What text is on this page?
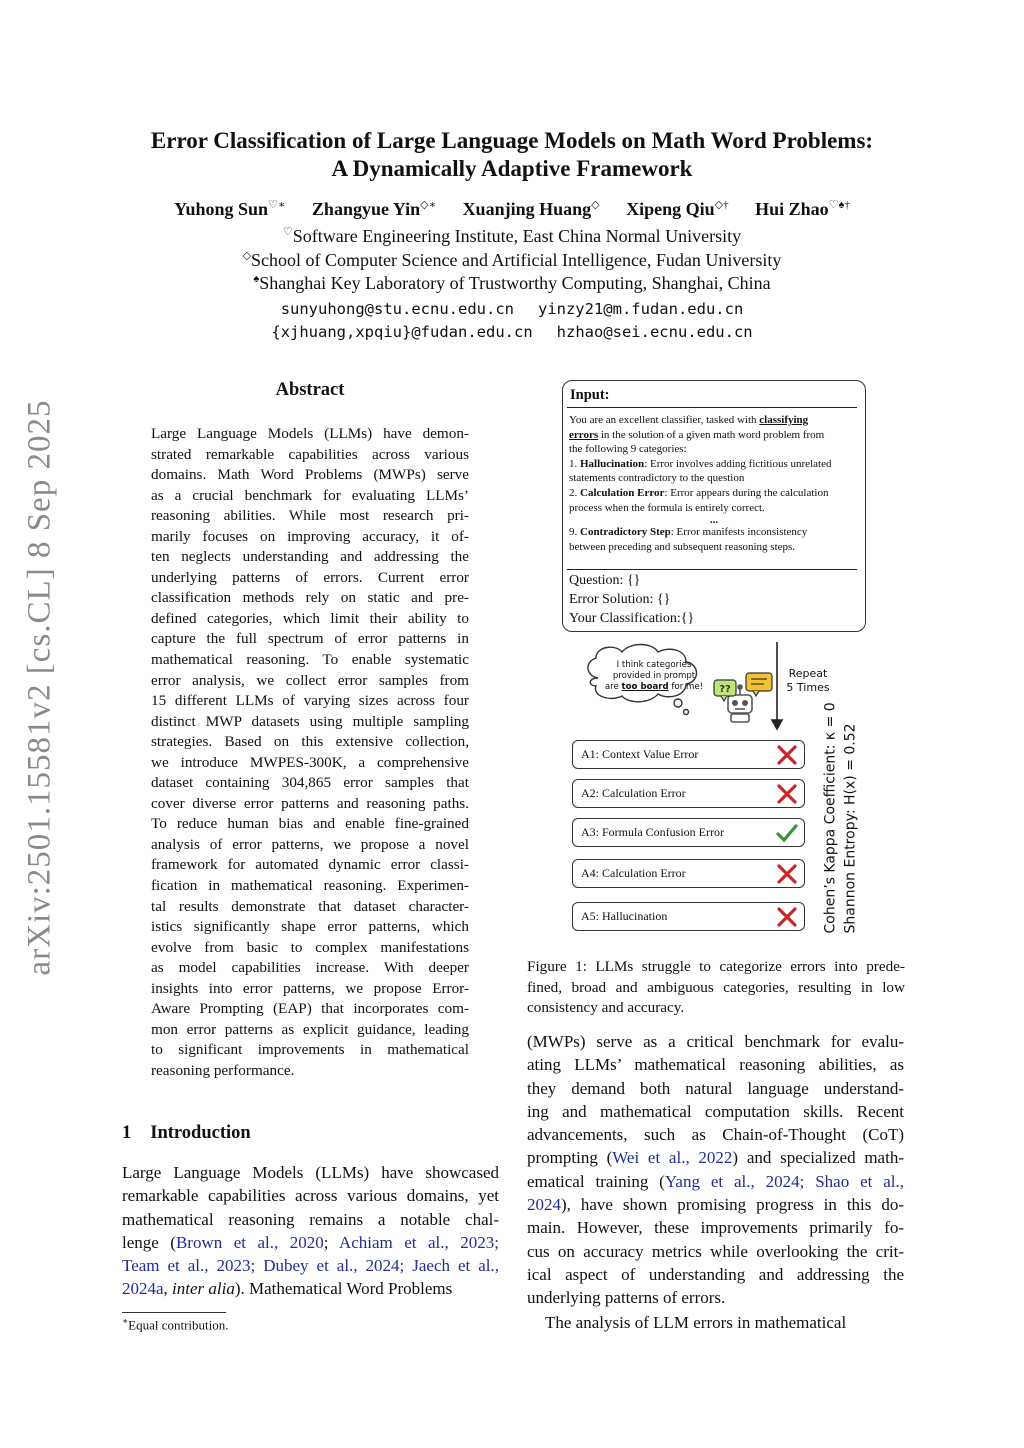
arXiv:2501.15581v2 [cs.CL] 8 Sep 2025
Error Classification of Large Language Models on Math Word Problems:
A Dynamically Adaptive Framework
Yuhong Sun♡∗ Zhangyue Yin◇∗ Xuanjing Huang◇ Xipeng Qiu◇† Hui Zhao♡♠†
♡Software Engineering Institute, East China Normal University
◇School of Computer Science and Artificial Intelligence, Fudan University
♠Shanghai Key Laboratory of Trustworthy Computing, Shanghai, China
sunyuhong@stu.ecnu.edu.cn yinzy21@m.fudan.edu.cn
{xjhuang,xpqiu}@fudan.edu.cn hzhao@sei.ecnu.edu.cn
Abstract
Large Language Models (LLMs) have demon-
strated remarkable capabilities across various
domains. Math Word Problems (MWPs) serve
as a crucial benchmark for evaluating LLMs’
reasoning abilities. While most research pri-
marily focuses on improving accuracy, it of-
ten neglects understanding and addressing the
underlying patterns of errors. Current error
classification methods rely on static and pre-
defined categories, which limit their ability to
capture the full spectrum of error patterns in
mathematical reasoning. To enable systematic
error analysis, we collect error samples from
15 different LLMs of varying sizes across four
distinct MWP datasets using multiple sampling
strategies. Based on this extensive collection,
we introduce MWPES-300K, a comprehensive
dataset containing 304,865 error samples that
cover diverse error patterns and reasoning paths.
To reduce human bias and enable fine-grained
analysis of error patterns, we propose a novel
framework for automated dynamic error classi-
fication in mathematical reasoning. Experimen-
tal results demonstrate that dataset character-
istics significantly shape error patterns, which
evolve from basic to complex manifestations
as model capabilities increase. With deeper
insights into error patterns, we propose Error-
Aware Prompting (EAP) that incorporates com-
mon error patterns as explicit guidance, leading
to significant improvements in mathematical
reasoning performance.
1 Introduction
Large Language Models (LLMs) have showcased
remarkable capabilities across various domains, yet
mathematical reasoning remains a notable chal-
lenge (Brown et al., 2020; Achiam et al., 2023;
Team et al., 2023; Dubey et al., 2024; Jaech et al.,
2024a, inter alia). Mathematical Word Problems
∗Equal contribution.
Input:
You are an excellent classifier, tasked with classifying
errors in the solution of a given math word problem from
the following 9 categories:
1. Hallucination: Error involves adding fictitious unrelated
statements contradictory to the question
2. Calculation Error: Error appears during the calculation
process when the formula is entirely correct.
...
9. Contradictory Step: Error manifests inconsistency
between preceding and subsequent reasoning steps.
Question: {}
Error Solution: {}
Your Classification:{}
??
I think categories
provided in prompt
are too board for me!
Repeat
5 Times
A1: Context Value Error
A2: Calculation Error
A3: Formula Confusion Error
A4: Calculation Error
A5: Hallucination	Cohen’s Kappa Coefficient: κ = 0 Shannon Entropy: H(x) = 0.52
Figure 1: LLMs struggle to categorize errors into prede-
fined, broad and ambiguous categories, resulting in low
consistency and accuracy.
(MWPs) serve as a critical benchmark for evalu-
ating LLMs’ mathematical reasoning abilities, as
they demand both natural language understand-
ing and mathematical computation skills. Recent
advancements, such as Chain-of-Thought (CoT)
prompting (Wei et al., 2022) and specialized math-
ematical training (Yang et al., 2024; Shao et al.,
2024), have shown promising progress in this do-
main. However, these improvements primarily fo-
cus on accuracy metrics while overlooking the crit-
ical aspect of understanding and addressing the
underlying patterns of errors.
The analysis of LLM errors in mathematical
